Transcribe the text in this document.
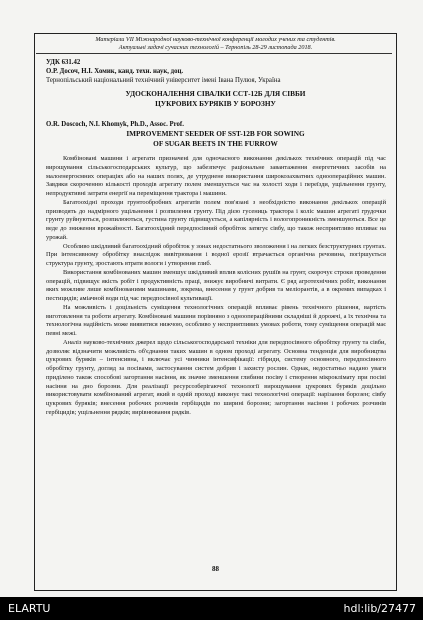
Матеріали VІІ Міжнародної науково-технічної конференції молодих учених та студентів.
Актуальні задачі сучасних технологій – Тернопіль 28-29 листопада 2018.
УДК 631.42
О.Р. Досоч, Н.І. Хомик, канд. техн. наук, доц.
Тернопільський національний технічний університет імені Івана Пулюя, Україна
УДОСКОНАЛЕННЯ СІВАЛКИ ССТ-12Б ДЛЯ СІВБИ
ЦУКРОВИХ БУРЯКІВ У БОРОЗНУ
O.R. Doscoch, N.I. Khomyk, Ph.D., Assoc. Prof.
IMPROVEMENT SEEDER OF SST-12B FOR SOWING
OF SUGAR BEETS IN THE FURROW

Комбіновані машини і агрегати призначені для одночасного виконання декількох технічних операцій під час вирощування сільськогосподарських культур, що забезпечує раціональне завантаження енергетичних засобів на малоенергоємних операціях або на наших полях, де утруднене використання широкозахватних одноопераційних машин. Завдяки скороченню кількості проходів агрегату полем зменшується час на холості ходи і переїзди, ущільнення грунту, непродуктивні затрати енергії на переміщення трактора і машини.

Багатоохідні проходи грунтообробних агрегатів полем пов'язані з необхідністю виконання декількох операцій призводять до надмірного ущільнення і розпилення грунту. Під дією гусениць трактора і коліс машин агрегаті грудочки грунту руйнуються, розпилюються, густина грунту підвищується, а капілярність і вологопроникність зменшуються. Все це веде до зниження врожайності. Багатоохідний передпосівний обробіток затягує сівбу, що також несприятливо впливає на урожай.

Особливо шкідливий багатоохідний обробіток у зонах недостатнього зволоження і на легких безструктурних грунтах. При інтенсивному обробітку внаслідок вивітрювання і водної ерозії втрачається органічна речовина, погіршується структура грунту, зростають втрати вологи і утворення глиб.

Використання комбінованих машин зменшує шкідливий вплив колісних рушіїв на грунт, скорочує строки проведення операцій, підвищує якість робіт і продуктивність праці, знижує виробничі витрати. Є ряд агротехнічних робіт, виконання яких можливе лише комбінованими машинами, зокрема, внесення у грунт добрив та меліорантів, а в окремих випадках і пестицидів; аміачной води під час передпосівної культивації.

На можливість і доцільність суміщення технологічних операцій впливає рівень технічного рішення, вартість виготовлення та роботи агрегату. Комбіновані машини порівняно з одноопераційними складніші й дорожчі, а їх технічна та технологічна надійність може виявитися нижчою, особливо у несприятливих умовах роботи, тому суміщення операцій має певні межі.

Аналіз науково-технічних джерел щодо сільськогосподарської техніки для передпосівного обробітку грунту та сівби, дозволяє відзначити можливість об'єднання таких машин в одном проході агрегату. Основна тенденція для виробництва цукрових буряків – інтенсивна, і включає усі чинники інтенсифікації: гібриди, систему основного, передпосівного обробітку грунту, догляд за посівами, застосування систем добрив і захисту рослин. Однак, недостатньо надано уваги приділено також способові загортання насіння, як значне зменшення глибини посіву і створення мікроклімату при посіві насіння на дно борозни. Для реалізації ресурсозберігаючої технології вирощування цукрових буряків доцільно використовувати комбінований агрегат, який в одній проході виконує такі технологічні операції: нарізання борозен; сівбу цукрових буряків; внесення робочих розчинів гербіцидів по ширині борозни; загортання насіння і робочих розчинів гербіцидів; ущільнення рядків; вирівнювання рядків.

88
ELARTU	hdl:lib/27477
